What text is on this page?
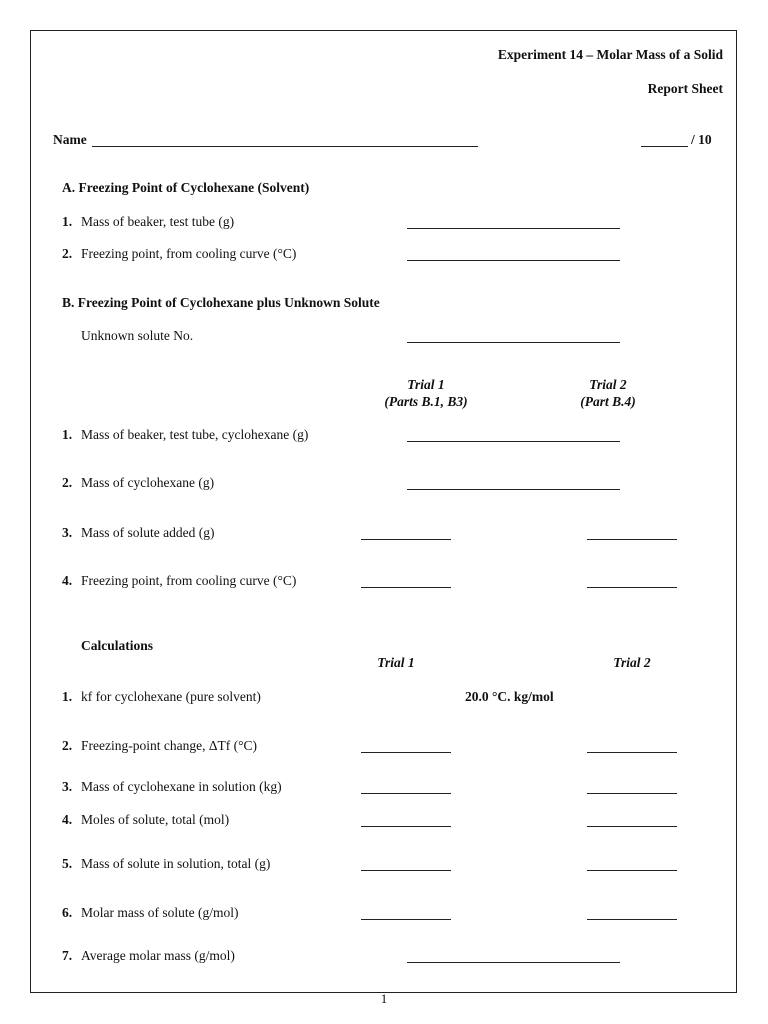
Experiment 14 – Molar Mass of a Solid
Report Sheet
Name	/ 10
A. Freezing Point of Cyclohexane (Solvent)
1. Mass of beaker, test tube (g)
2. Freezing point, from cooling curve (°C)
B. Freezing Point of Cyclohexane plus Unknown Solute
Unknown solute No.
Trial 1
(Parts B.1, B3)
Trial 2
(Part B.4)
1. Mass of beaker, test tube, cyclohexane (g)
2. Mass of cyclohexane (g)
3. Mass of solute added (g)
4. Freezing point, from cooling curve (°C)
Calculations
Trial 1	Trial 2
1. kf for cyclohexane (pure solvent)	20.0 °C. kg/mol
2. Freezing-point change, ΔTf (°C)
3. Mass of cyclohexane in solution (kg)
4. Moles of solute, total (mol)
5. Mass of solute in solution, total (g)
6. Molar mass of solute (g/mol)
7. Average molar mass (g/mol)
1
